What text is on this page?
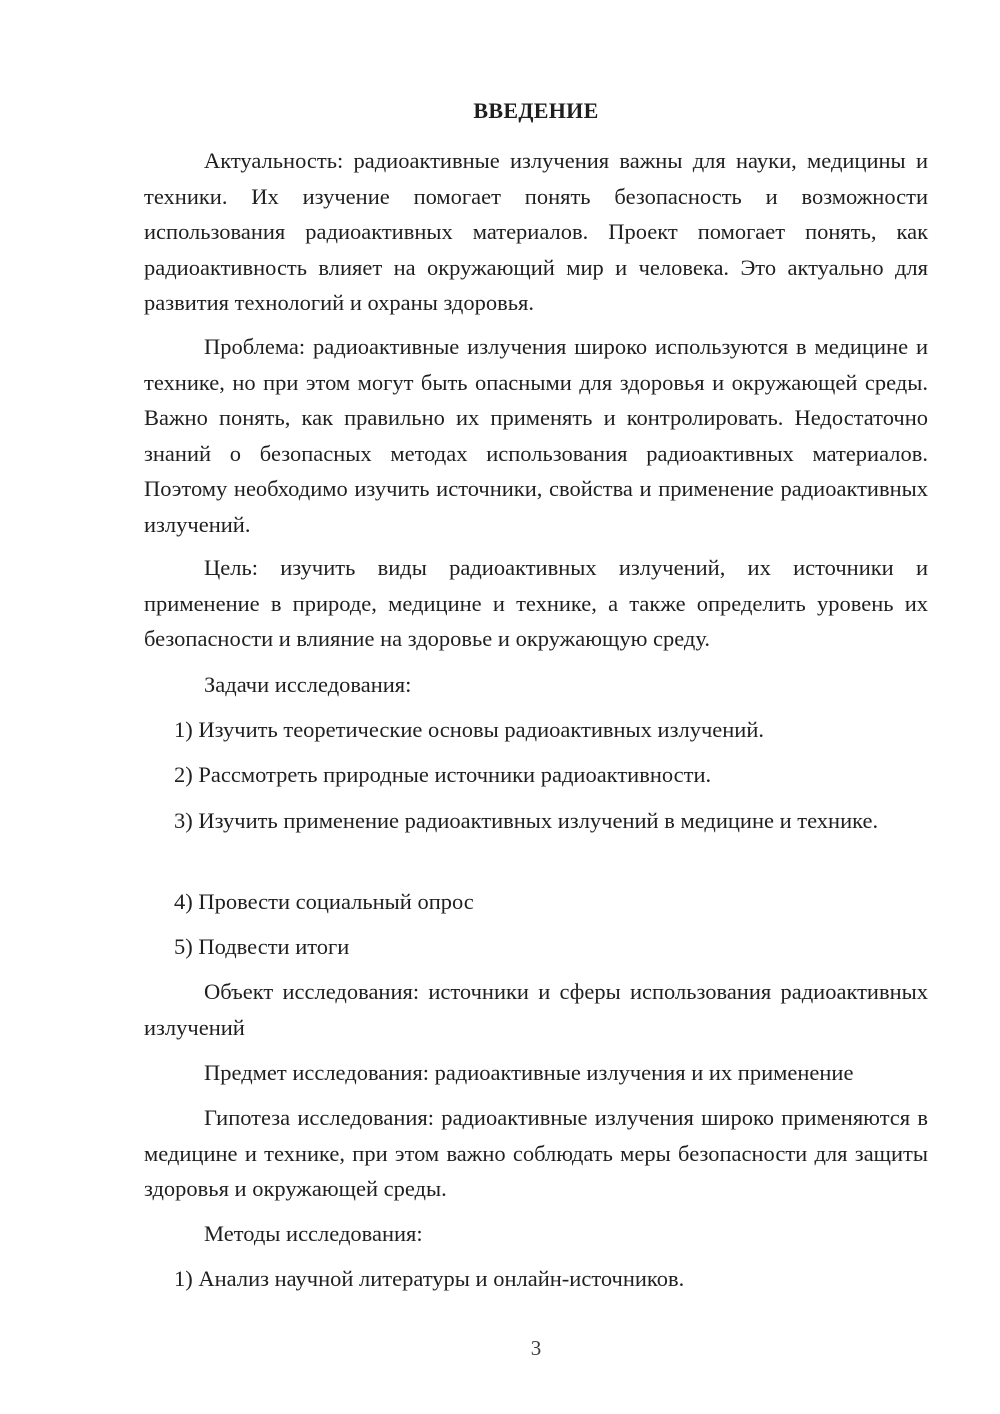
ВВЕДЕНИЕ

Актуальность: радиоактивные излучения важны для науки, медицины и техники. Их изучение помогает понять безопасность и возможности использования радиоактивных материалов. Проект помогает понять, как радиоактивность влияет на окружающий мир и человека. Это актуально для развития технологий и охраны здоровья.

Проблема: радиоактивные излучения широко используются в медицине и технике, но при этом могут быть опасными для здоровья и окружающей среды. Важно понять, как правильно их применять и контролировать. Недостаточно знаний о безопасных методах использования радиоактивных материалов. Поэтому необходимо изучить источники, свойства и применение радиоактивных излучений.

Цель: изучить виды радиоактивных излучений, их источники и применение в природе, медицине и технике, а также определить уровень их безопасности и влияние на здоровье и окружающую среду.

Задачи исследования:

1) Изучить теоретические основы радиоактивных излучений.

2) Рассмотреть природные источники радиоактивности.

3) Изучить применение радиоактивных излучений в медицине и технике.

4) Провести социальный опрос

5) Подвести итоги

Объект исследования: источники и сферы использования радиоактивных излучений

Предмет исследования: радиоактивные излучения и их применение

Гипотеза исследования: радиоактивные излучения широко применяются в медицине и технике, при этом важно соблюдать меры безопасности для защиты здоровья и окружающей среды.

Методы исследования:

1) Анализ научной литературы и онлайн-источников.

3
